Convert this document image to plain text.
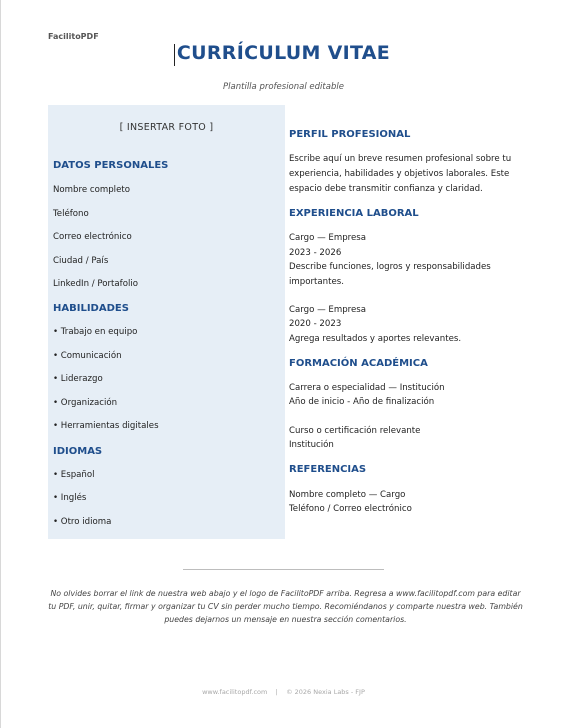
FacilitoPDF
CURRÍCULUM VITAE
Plantilla profesional editable
[ INSERTAR FOTO ]
DATOS PERSONALES
Nombre completo
Teléfono
Correo electrónico
Ciudad / País
LinkedIn / Portafolio
HABILIDADES
• Trabajo en equipo
• Comunicación
• Liderazgo
• Organización
• Herramientas digitales
IDIOMAS
• Español
• Inglés
• Otro idioma
PERFIL PROFESIONAL
Escribe aquí un breve resumen profesional sobre tu experiencia, habilidades y objetivos laborales. Este espacio debe transmitir confianza y claridad.
EXPERIENCIA LABORAL
Cargo — Empresa
2023 - 2026
Describe funciones, logros y responsabilidades importantes.
Cargo — Empresa
2020 - 2023
Agrega resultados y aportes relevantes.
FORMACIÓN ACADÉMICA
Carrera o especialidad — Institución
Año de inicio - Año de finalización
Curso o certificación relevante
Institución
REFERENCIAS
Nombre completo — Cargo
Teléfono / Correo electrónico
No olvides borrar el link de nuestra web abajo y el logo de FacilitoPDF arriba. Regresa a www.facilitopdf.com para editar tu PDF, unir, quitar, firmar y organizar tu CV sin perder mucho tiempo. Recomiéndanos y comparte nuestra web. También puedes dejarnos un mensaje en nuestra sección comentarios.
www.facilitopdf.com | © 2026 Nexia Labs - FJP
